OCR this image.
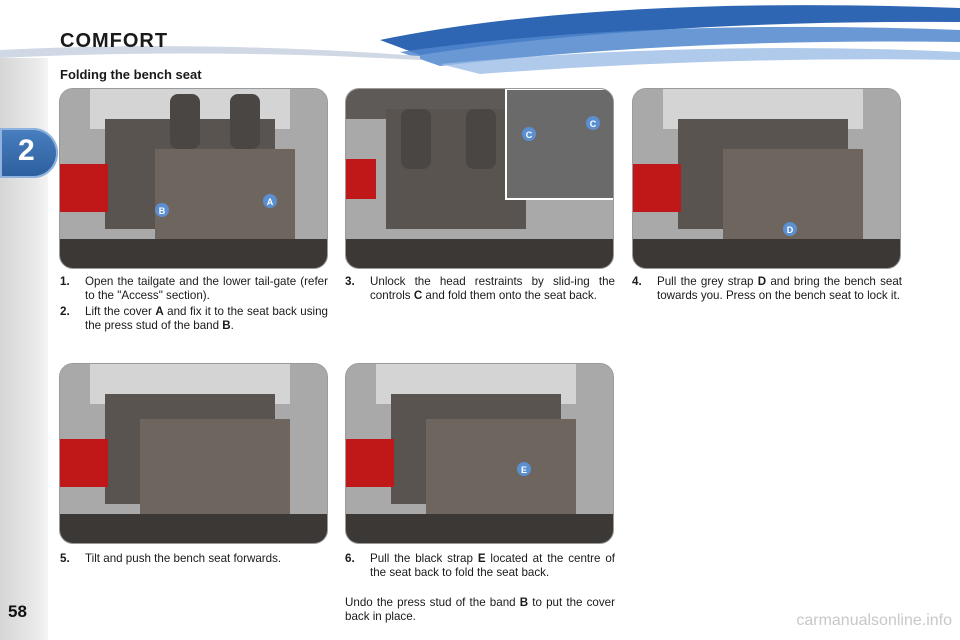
COMFORT
2
58
Folding the bench seat
B
A
C
C
D
E
1. Open the tailgate and the lower tail-gate (refer to the "Access" section).
2. Lift the cover A and fix it to the seat back using the press stud of the band B.
3. Unlock the head restraints by slid-ing the controls C and fold them onto the seat back.
4. Pull the grey strap D and bring the bench seat towards you. Press on the bench seat to lock it.
5. Tilt and push the bench seat forwards.	6. Pull the black strap E located at the centre of the seat back to fold the seat back.
Undo the press stud of the band B to put the cover back in place.	carmanualsonline.info
